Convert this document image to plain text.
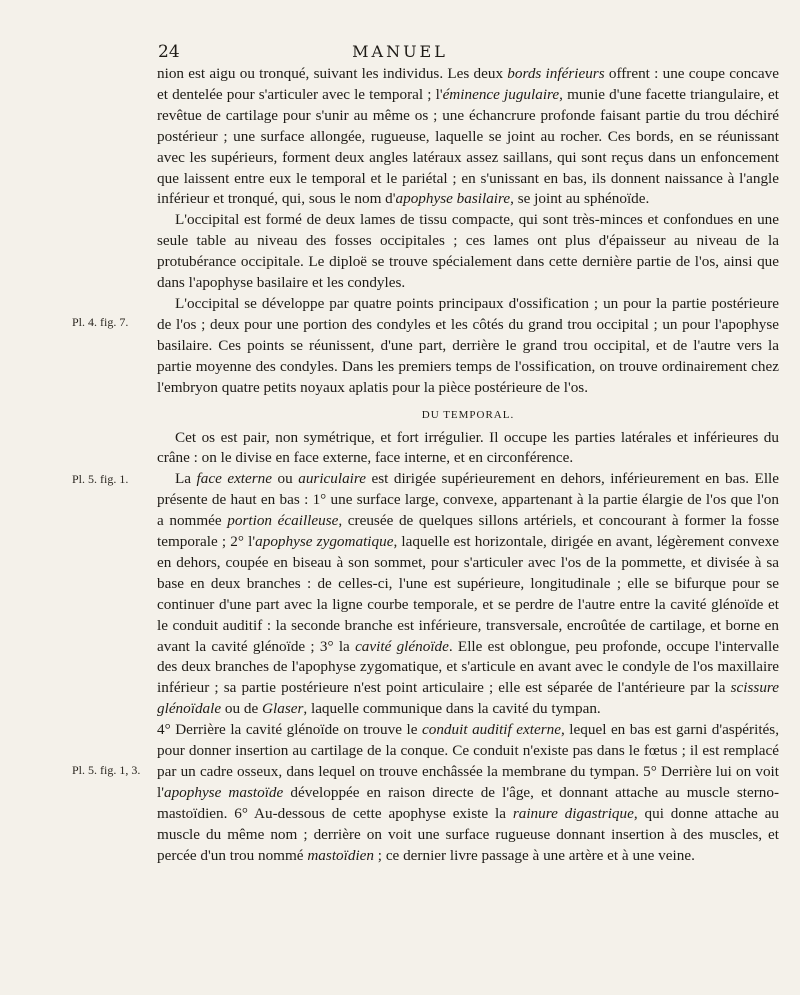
24	MANUEL
Pl. 4. fig. 7.
Pl. 5. fig. 1.
Pl. 5. fig. 1, 3.

nion est aigu ou tronqué, suivant les individus. Les deux bords inférieurs offrent : une coupe concave et dentelée pour s'articuler avec le temporal ; l'éminence jugulaire, munie d'une facette triangulaire, et revêtue de cartilage pour s'unir au même os ; une échancrure profonde faisant partie du trou déchiré postérieur ; une surface allongée, rugueuse, laquelle se joint au rocher. Ces bords, en se réunissant avec les supérieurs, forment deux angles latéraux assez saillans, qui sont reçus dans un enfoncement que laissent entre eux le temporal et le pariétal ; en s'unissant en bas, ils donnent naissance à l'angle inférieur et tronqué, qui, sous le nom d'apophyse basilaire, se joint au sphénoïde.

L'occipital est formé de deux lames de tissu compacte, qui sont très-minces et confondues en une seule table au niveau des fosses occipitales ; ces lames ont plus d'épaisseur au niveau de la protubérance occipitale. Le diploë se trouve spécialement dans cette dernière partie de l'os, ainsi que dans l'apophyse basilaire et les condyles.

L'occipital se développe par quatre points principaux d'ossification ; un pour la partie postérieure de l'os ; deux pour une portion des condyles et les côtés du grand trou occipital ; un pour l'apophyse basilaire. Ces points se réunissent, d'une part, derrière le grand trou occipital, et de l'autre vers la partie moyenne des condyles. Dans les premiers temps de l'ossification, on trouve ordinairement chez l'embryon quatre petits noyaux aplatis pour la pièce postérieure de l'os.

DU TEMPORAL.

Cet os est pair, non symétrique, et fort irrégulier. Il occupe les parties latérales et inférieures du crâne : on le divise en face externe, face interne, et en circonférence.

La face externe ou auriculaire est dirigée supérieurement en dehors, inférieurement en bas. Elle présente de haut en bas : 1° une surface large, convexe, appartenant à la partie élargie de l'os que l'on a nommée portion écailleuse, creusée de quelques sillons artériels, et concourant à former la fosse temporale ; 2° l'apophyse zygomatique, laquelle est horizontale, dirigée en avant, légèrement convexe en dehors, coupée en biseau à son sommet, pour s'articuler avec l'os de la pommette, et divisée à sa base en deux branches : de celles-ci, l'une est supérieure, longitudinale ; elle se bifurque pour se continuer d'une part avec la ligne courbe temporale, et se perdre de l'autre entre la cavité glénoïde et le conduit auditif : la seconde branche est inférieure, transversale, encroûtée de cartilage, et borne en avant la cavité glénoïde ; 3° la cavité glénoïde. Elle est oblongue, peu profonde, occupe l'intervalle des deux branches de l'apophyse zygomatique, et s'articule en avant avec le condyle de l'os maxillaire inférieur ; sa partie postérieure n'est point articulaire ; elle est séparée de l'antérieure par la scissure glénoïdale ou de Glaser, laquelle communique dans la cavité du tympan.

4° Derrière la cavité glénoïde on trouve le conduit auditif externe, lequel en bas est garni d'aspérités, pour donner insertion au cartilage de la conque. Ce conduit n'existe pas dans le fœtus ; il est remplacé par un cadre osseux, dans lequel on trouve enchâssée la membrane du tympan. 5° Derrière lui on voit l'apophyse mastoïde développée en raison directe de l'âge, et donnant attache au muscle sterno-mastoïdien. 6° Au-dessous de cette apophyse existe la rainure digastrique, qui donne attache au muscle du même nom ; derrière on voit une surface rugueuse donnant insertion à des muscles, et percée d'un trou nommé mastoïdien ; ce dernier livre passage à une artère et à une veine.
